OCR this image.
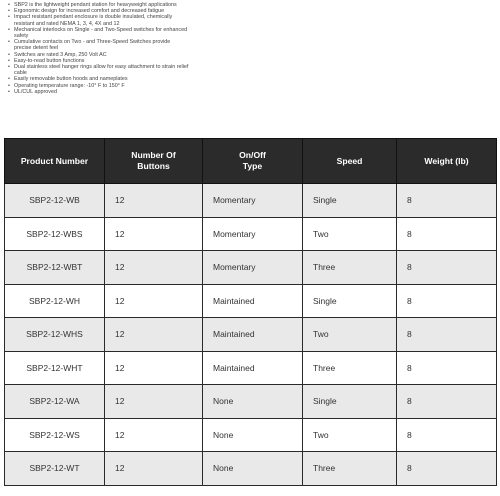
• SBP2 is the lightweight pendant station for heavyweight applications
• Ergonomic design for increased comfort and decreased fatigue
• Impact resistant pendant enclosure is double insulated, chemically resistant and rated NEMA 1, 3, 4, 4X and 12
• Mechanical interlocks on Single - and Two-Speed switches for enhanced safety
• Cumulative contacts on Two - and Three-Speed Switches provide precise detent feel
• Switches are rated 3 Amp, 250 Volt AC
• Easy-to-read button functions
• Dual stainless steel hanger rings allow for easy attachment to strain relief cable
• Easily removable button hoods and nameplates
• Operating temperature range: -10° F to 150° F
• UL/CUL approved
Product Number	Number Of Buttons	On/Off Type	Speed	Weight (lb)
SBP2-12-WB	12	Momentary	Single	8
SBP2-12-WBS	12	Momentary	Two	8
SBP2-12-WBT	12	Momentary	Three	8
SBP2-12-WH	12	Maintained	Single	8
SBP2-12-WHS	12	Maintained	Two	8
SBP2-12-WHT	12	Maintained	Three	8
SBP2-12-WA	12	None	Single	8
SBP2-12-WS	12	None	Two	8
SBP2-12-WT	12	None	Three	8
